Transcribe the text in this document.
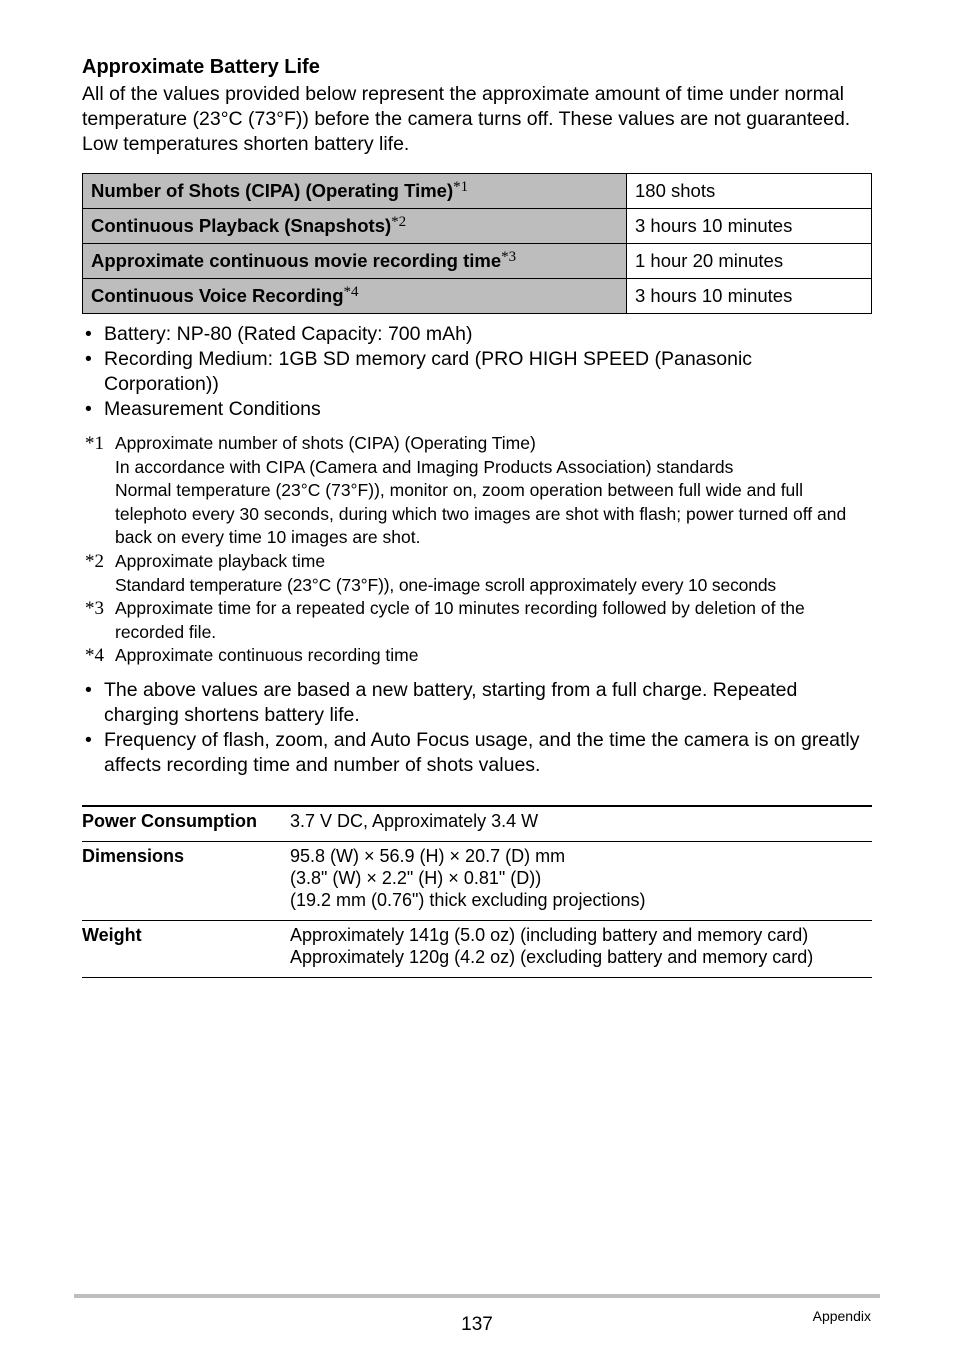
Approximate Battery Life

All of the values provided below represent the approximate amount of time under normal temperature (23°C (73°F)) before the camera turns off. These values are not guaranteed. Low temperatures shorten battery life.

Number of Shots (CIPA) (Operating Time)$^{*1}$	180 shots
Continuous Playback (Snapshots)$^{*2}$	3 hours 10 minutes
Approximate continuous movie recording time$^{*3}$	1 hour 20 minutes
Continuous Voice Recording$^{*4}$	3 hours 10 minutes
• Battery: NP-80 (Rated Capacity: 700 mAh)
• Recording Medium: 1GB SD memory card (PRO HIGH SPEED (Panasonic Corporation))
• Measurement Conditions
*1 Approximate number of shots (CIPA) (Operating Time)
In accordance with CIPA (Camera and Imaging Products Association) standards
Normal temperature (23°C (73°F)), monitor on, zoom operation between full wide and full telephoto every 30 seconds, during which two images are shot with flash; power turned off and back on every time 10 images are shot.
*2 Approximate playback time
Standard temperature (23°C (73°F)), one-image scroll approximately every 10 seconds
*3 Approximate time for a repeated cycle of 10 minutes recording followed by deletion of the recorded file.
*4 Approximate continuous recording time
• The above values are based a new battery, starting from a full charge. Repeated charging shortens battery life.
• Frequency of flash, zoom, and Auto Focus usage, and the time the camera is on greatly affects recording time and number of shots values.
Power Consumption	3.7 V DC, Approximately 3.4 W

Dimensions	95.8 (W) × 56.9 (H) × 20.7 (D) mm
(3.8" (W) × 2.2" (H) × 0.81" (D))
(19.2 mm (0.76") thick excluding projections)

Weight	Approximately 141g (5.0 oz) (including battery and memory card)
Approximately 120g (4.2 oz) (excluding battery and memory card)
137	Appendix
